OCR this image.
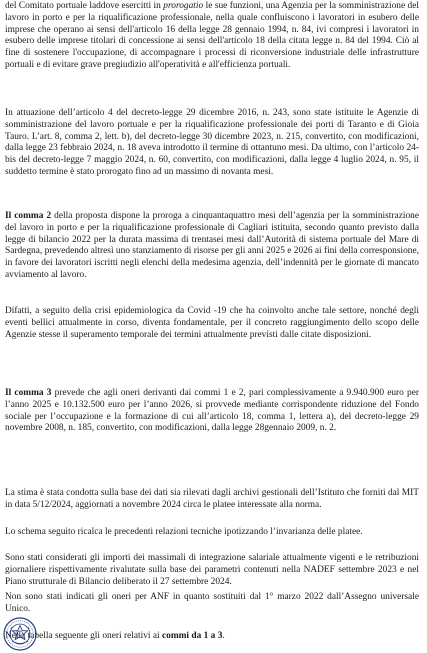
del Comitato portuale laddove esercitti in prorogatio le sue funzioni, una Agenzia per la somministrazione del lavoro in porto e per la riqualificazione professionale, nella quale confluiscono i lavoratori in esubero delle imprese che operano ai sensi dell'articolo 16 della legge 28 gennaio 1994, n. 84, ivi compresi i lavoratori in esubero delle imprese titolari di concessione ai sensi dell'articolo 18 della citata legge n. 84 del 1994. Ciò al fine di sostenere l'occupazione, di accompagnare i processi di riconversione industriale delle infrastrutture portuali e di evitare grave pregiudizio all'operatività e all'efficienza portuali.

In attuazione dell’articolo 4 del decreto-legge 29 dicembre 2016, n. 243, sono state istituite le Agenzie di somministrazione del lavoro portuale e per la riqualificazione professionale dei porti di Taranto e di Gioia Tauro. L’art. 8, comma 2, lett. b), del decreto-legge 30 dicembre 2023, n. 215, convertito, con modificazioni, dalla legge 23 febbraio 2024, n. 18 aveva introdotto il termine di ottantuno mesi. Da ultimo, con l’articolo 24-bis del decreto-legge 7 maggio 2024, n. 60, convertito, con modificazioni, dalla legge 4 luglio 2024, n. 95, il suddetto termine è stato prorogato fino ad un massimo di novanta mesi.

Il comma 2 della proposta dispone la proroga a cinquantaquattro mesi dell’agenzia per la somministrazione del lavoro in porto e per la riqualificazione professionale di Cagliari istituita, secondo quanto previsto dalla legge di bilancio 2022 per la durata massima di trentasei mesi dall’Autorità di sistema portuale del Mare di Sardegna, prevedendo altresì uno stanziamento di risorse per gli anni 2025 e 2026 ai fini della corresponsione, in favore dei lavoratori iscritti negli elenchi della medesima agenzia, dell’indennità per le giornate di mancato avviamento al lavoro.

Difatti, a seguito della crisi epidemiologica da Covid -19 che ha coinvolto anche tale settore, nonché degli eventi bellici attualmente in corso, diventa fondamentale, per il concreto raggiungimento dello scopo delle Agenzie stesse il superamento temporale dei termini attualmente previsti dalle citate disposizioni.

Il comma 3 prevede che agli oneri derivanti dai commi 1 e 2, pari complessivamente a 9.940.900 euro per l’anno 2025 e 10.132.500 euro per l’anno 2026, si provvede mediante corrispondente riduzione del Fondo sociale per l’occupazione e la formazione di cui all’articolo 18, comma 1, lettera a), del decreto-legge 29 novembre 2008, n. 185, convertito, con modificazioni, dalla legge 28gennaio 2009, n. 2.

La stima è stata condotta sulla base dei dati sia rilevati dagli archivi gestionali dell’Istituto che forniti dal MIT in data 5/12/2024, aggiornati a novembre 2024 circa le platee interessate alla norma.

Lo schema seguito ricalca le precedenti relazioni tecniche ipotizzando l’invarianza delle platee.

Sono stati considerati gli importi dei massimali di integrazione salariale attualmente vigenti e le retribuzioni giornaliere rispettivamente rivalutate sulla base dei parametri contenuti nella NADEF settembre 2023 e nel Piano strutturale di Bilancio deliberato il 27 settembre 2024.

Non sono stati indicati gli oneri per ANF in quanto sostituiti dal 1° marzo 2022 dall’Assegno universale Unico.

Nella tabella seguente gli oneri relativi ai commi da 1 a 3.
